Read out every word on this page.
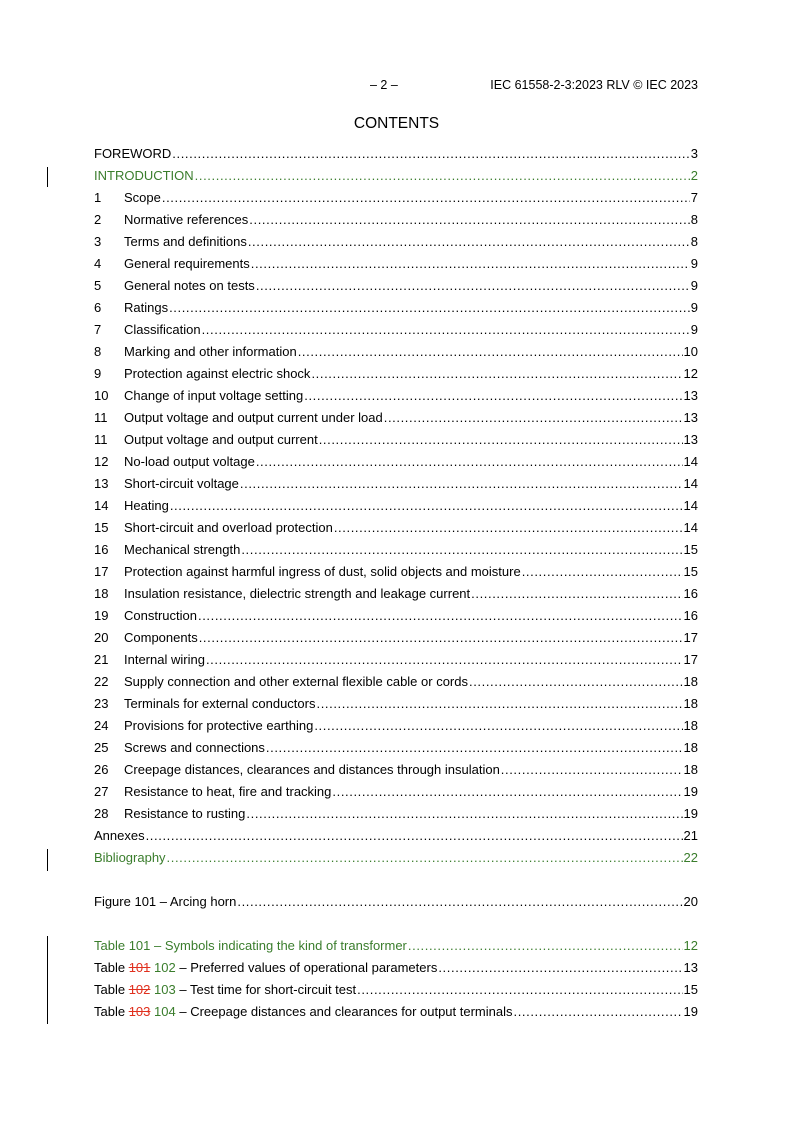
– 2 –	IEC 61558-2-3:2023 RLV © IEC 2023
CONTENTS
FOREWORD .....	3
INTRODUCTION .....	2
1	Scope .....	7
2	Normative references .....	8
3	Terms and definitions .....	8
4	General requirements .....	9
5	General notes on tests .....	9
6	Ratings .....	9
7	Classification .....	9
8	Marking and other information .....	10
9	Protection against electric shock .....	12
10	Change of input voltage setting .....	13
11	Output voltage and output current under load .....	13
11	Output voltage and output current .....	13
12	No-load output voltage .....	14
13	Short-circuit voltage .....	14
14	Heating .....	14
15	Short-circuit and overload protection .....	14
16	Mechanical strength .....	15
17	Protection against harmful ingress of dust, solid objects and moisture .....	15
18	Insulation resistance, dielectric strength and leakage current .....	16
19	Construction .....	16
20	Components .....	17
21	Internal wiring .....	17
22	Supply connection and other external flexible cable or cords .....	18
23	Terminals for external conductors .....	18
24	Provisions for protective earthing .....	18
25	Screws and connections .....	18
26	Creepage distances, clearances and distances through insulation .....	18
27	Resistance to heat, fire and tracking .....	19
28	Resistance to rusting .....	19
Annexes .....	21
Bibliography .....	22
Figure 101 – Arcing horn .....	20
Table 101 – Symbols indicating the kind of transformer .....	12
Table 101 102 – Preferred values of operational parameters .....	13
Table 102 103 – Test time for short-circuit test .....	15
Table 103 104 – Creepage distances and clearances for output terminals .....	19
